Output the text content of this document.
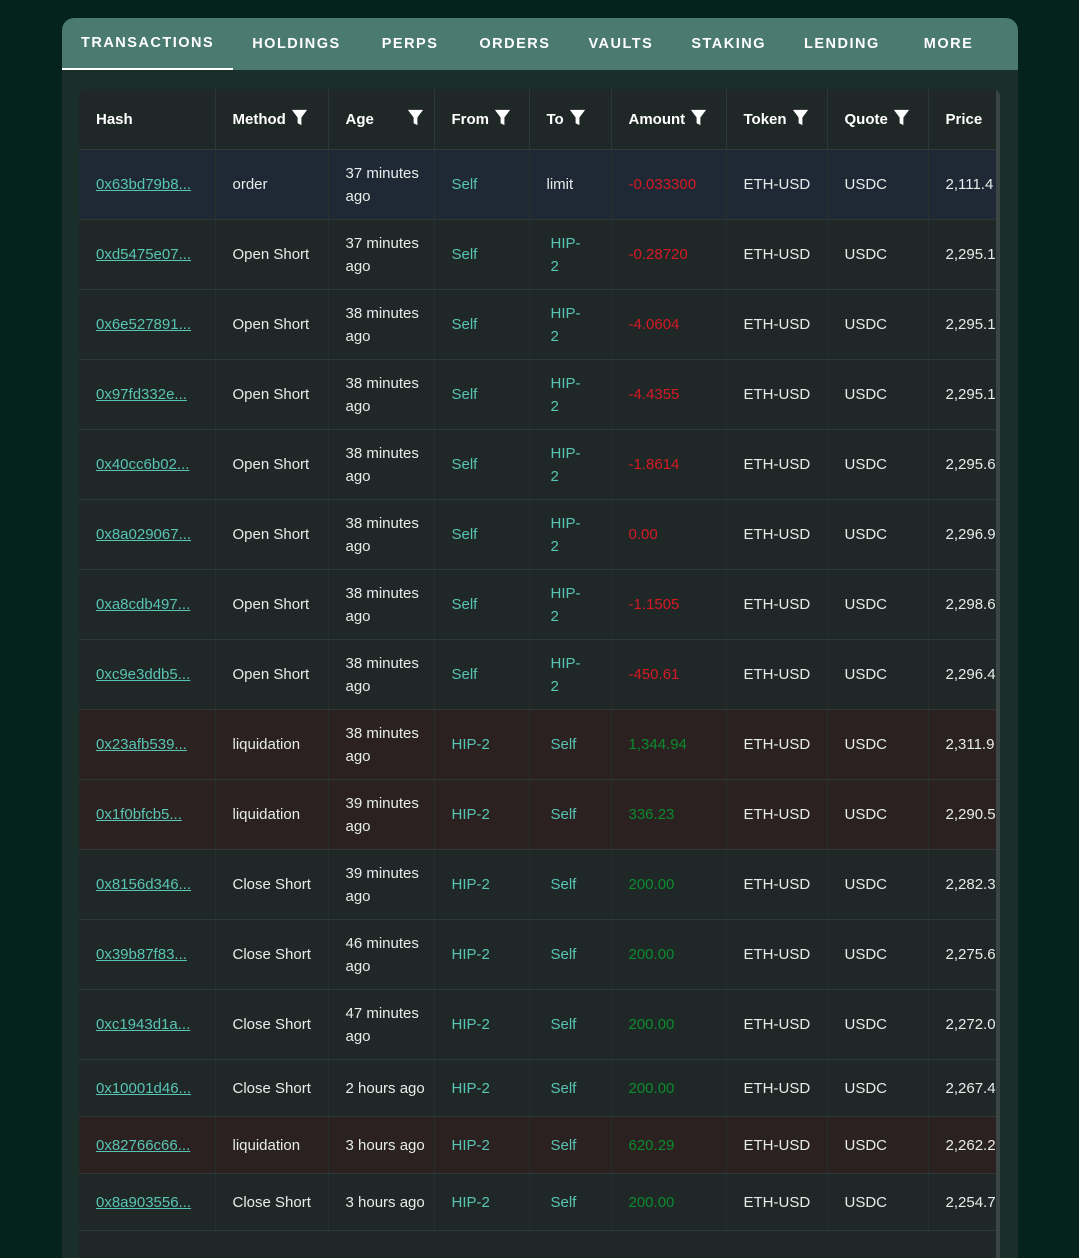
TRANSACTIONS	HOLDINGS	PERPS	ORDERS	VAULTS	STAKING	LENDING	MORE
Hash	Method	Age	From	To	Amount	Token	Quote	Price
0x63bd79b8...	order	37 minutes ago	Self	limit	-0.033300	ETH-USD	USDC	2,111.4
0xd5475e07...	Open Short	37 minutes ago	Self	HIP-2	-0.28720	ETH-USD	USDC	2,295.1
0x6e527891...	Open Short	38 minutes ago	Self	HIP-2	-4.0604	ETH-USD	USDC	2,295.1
0x97fd332e...	Open Short	38 minutes ago	Self	HIP-2	-4.4355	ETH-USD	USDC	2,295.1
0x40cc6b02...	Open Short	38 minutes ago	Self	HIP-2	-1.8614	ETH-USD	USDC	2,295.6
0x8a029067...	Open Short	38 minutes ago	Self	HIP-2	0.00	ETH-USD	USDC	2,296.9
0xa8cdb497...	Open Short	38 minutes ago	Self	HIP-2	-1.1505	ETH-USD	USDC	2,298.6
0xc9e3ddb5...	Open Short	38 minutes ago	Self	HIP-2	-450.61	ETH-USD	USDC	2,296.4
0x23afb539...	liquidation	38 minutes ago	HIP-2	Self	1,344.94	ETH-USD	USDC	2,311.9
0x1f0bfcb5...	liquidation	39 minutes ago	HIP-2	Self	336.23	ETH-USD	USDC	2,290.5
0x8156d346...	Close Short	39 minutes ago	HIP-2	Self	200.00	ETH-USD	USDC	2,282.3
0x39b87f83...	Close Short	46 minutes ago	HIP-2	Self	200.00	ETH-USD	USDC	2,275.6
0xc1943d1a...	Close Short	47 minutes ago	HIP-2	Self	200.00	ETH-USD	USDC	2,272.0
0x10001d46...	Close Short	2 hours ago	HIP-2	Self	200.00	ETH-USD	USDC	2,267.4
0x82766c66...	liquidation	3 hours ago	HIP-2	Self	620.29	ETH-USD	USDC	2,262.2
0x8a903556...	Close Short	3 hours ago	HIP-2	Self	200.00	ETH-USD	USDC	2,254.7
